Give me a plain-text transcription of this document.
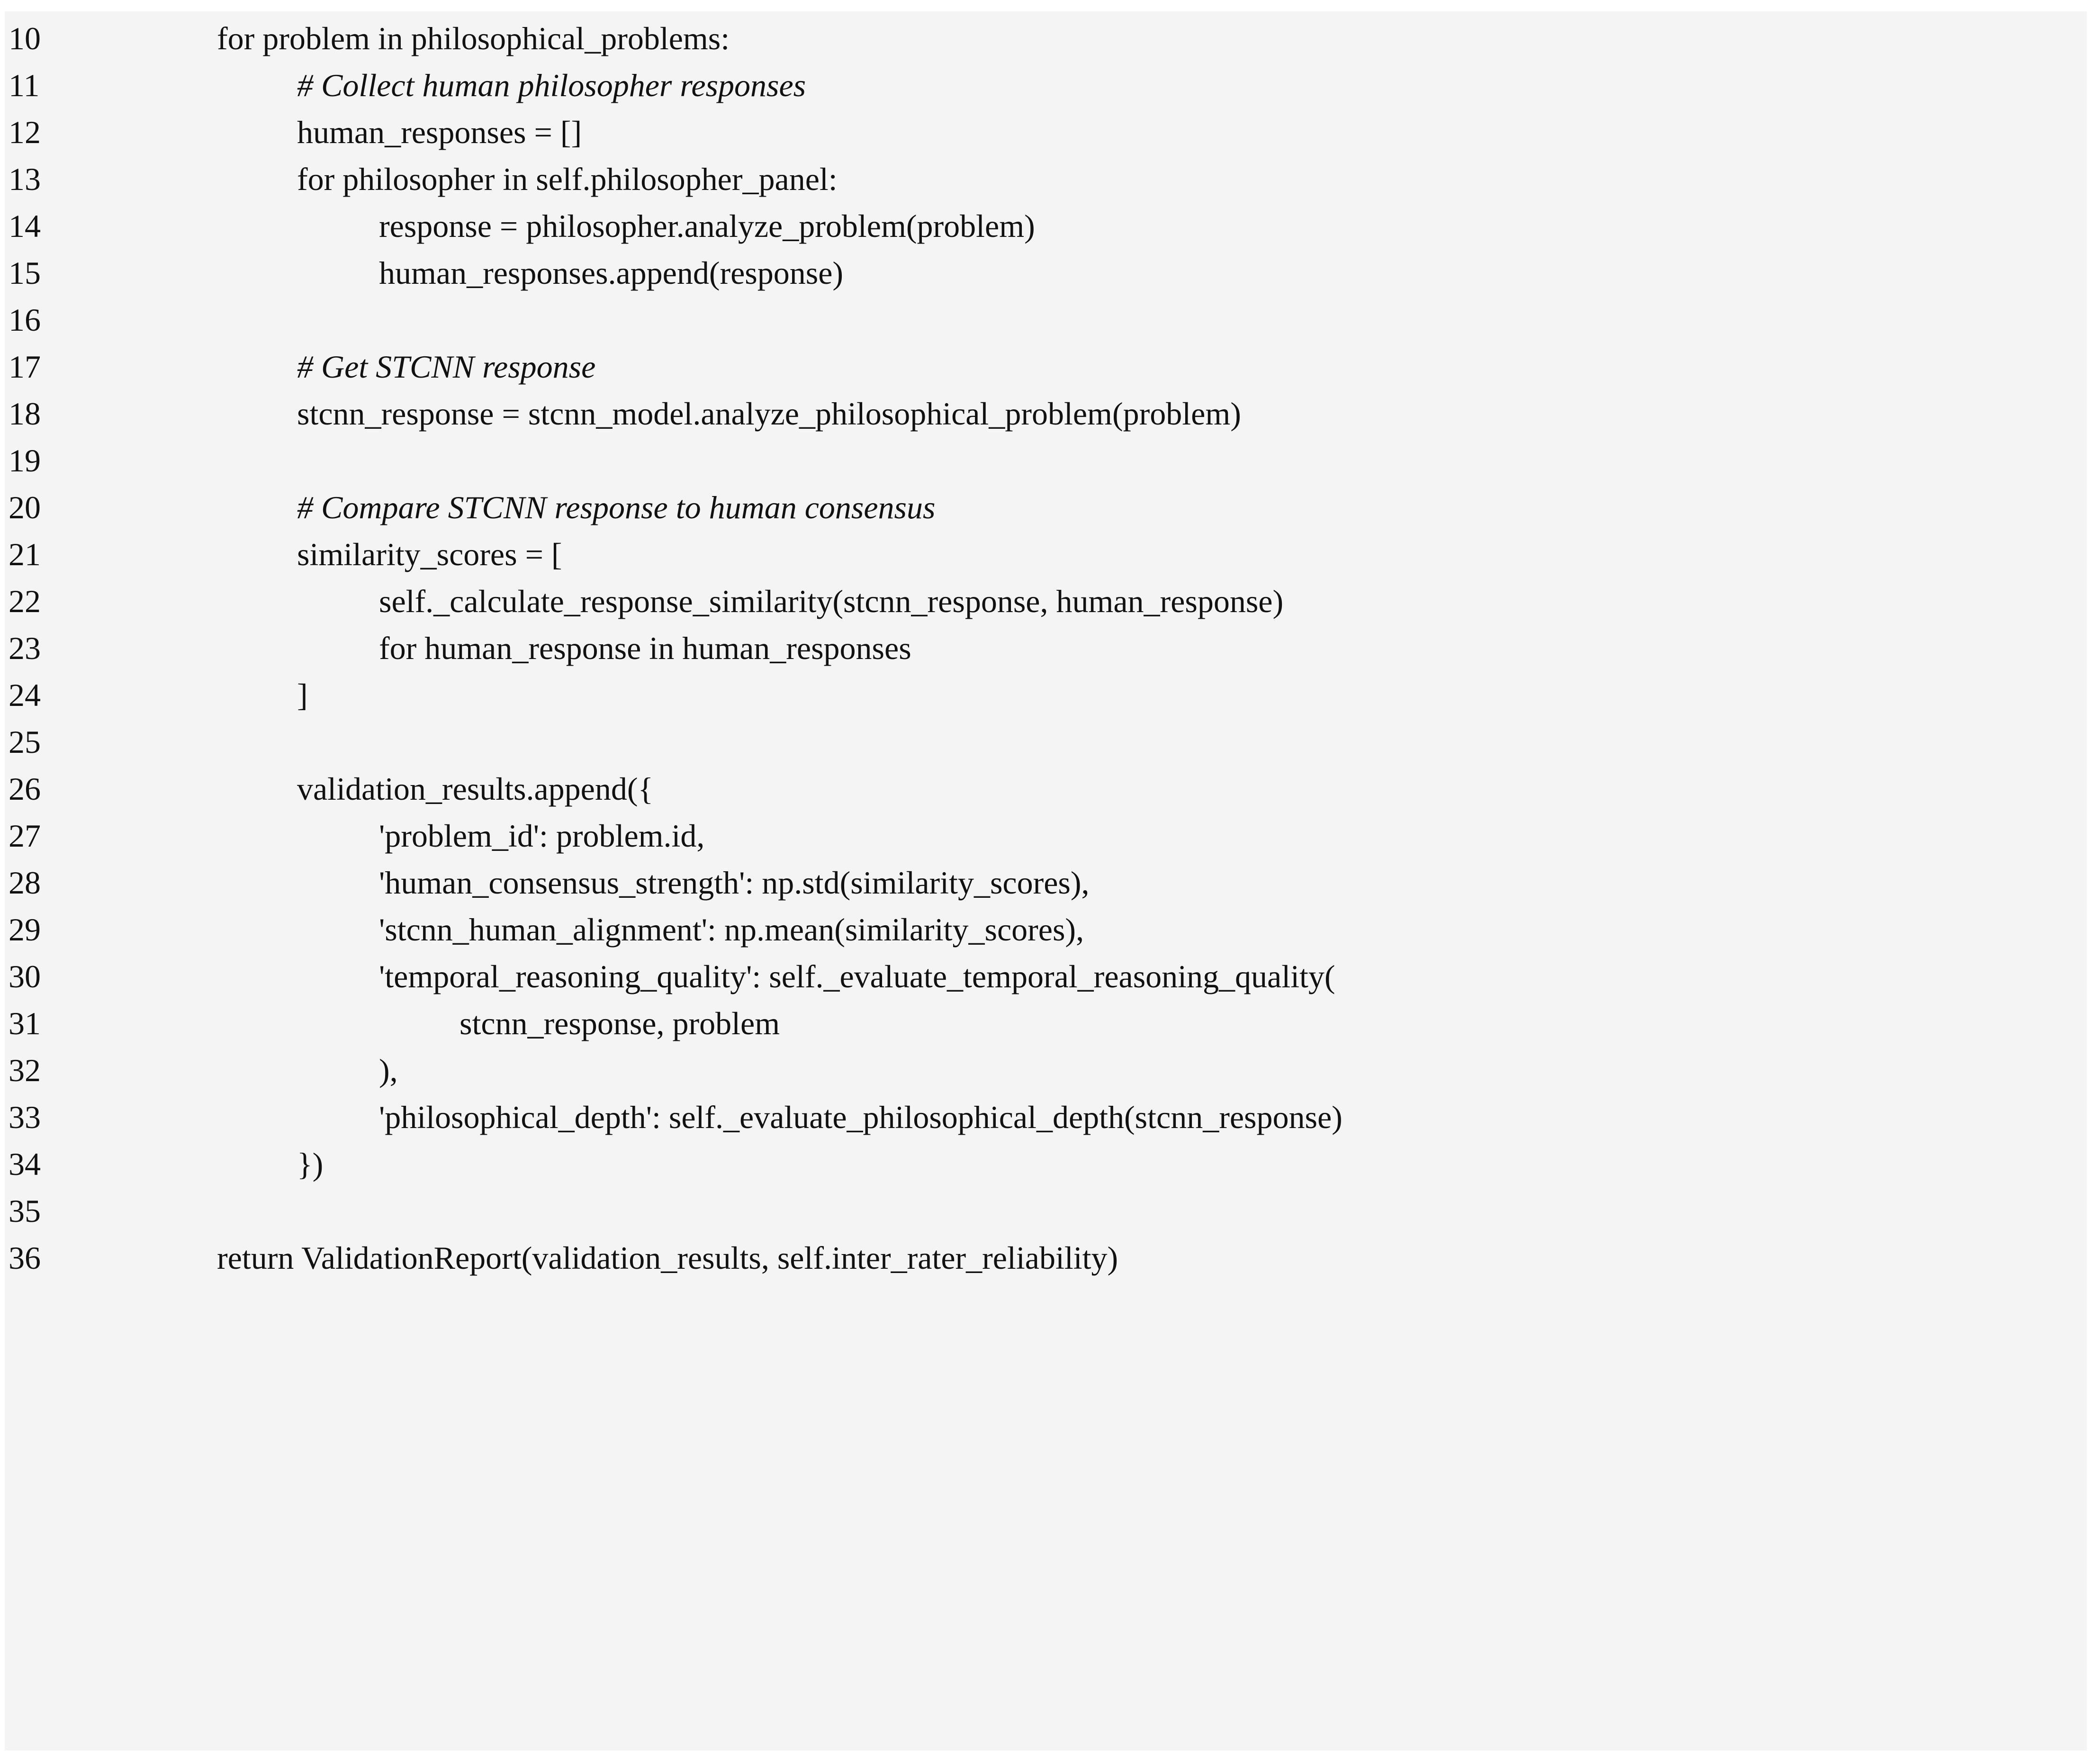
10	for problem in philosophical_problems:
11	# Collect human philosopher responses
12	human_responses = []
13	for philosopher in self.philosopher_panel:
14	response = philosopher.analyze_problem(problem)
15	human_responses.append(response)
16
17	# Get STCNN response
18	stcnn_response = stcnn_model.analyze_philosophical_problem(problem)
19
20	# Compare STCNN response to human consensus
21	similarity_scores = [
22	self._calculate_response_similarity(stcnn_response, human_response)
23	for human_response in human_responses
24	]
25
26	validation_results.append({
27	'problem_id': problem.id,
28	'human_consensus_strength': np.std(similarity_scores),
29	'stcnn_human_alignment': np.mean(similarity_scores),
30	'temporal_reasoning_quality': self._evaluate_temporal_reasoning_quality(
31	stcnn_response, problem
32	),
33	'philosophical_depth': self._evaluate_philosophical_depth(stcnn_response)
34	})
35
36	return ValidationReport(validation_results, self.inter_rater_reliability)
